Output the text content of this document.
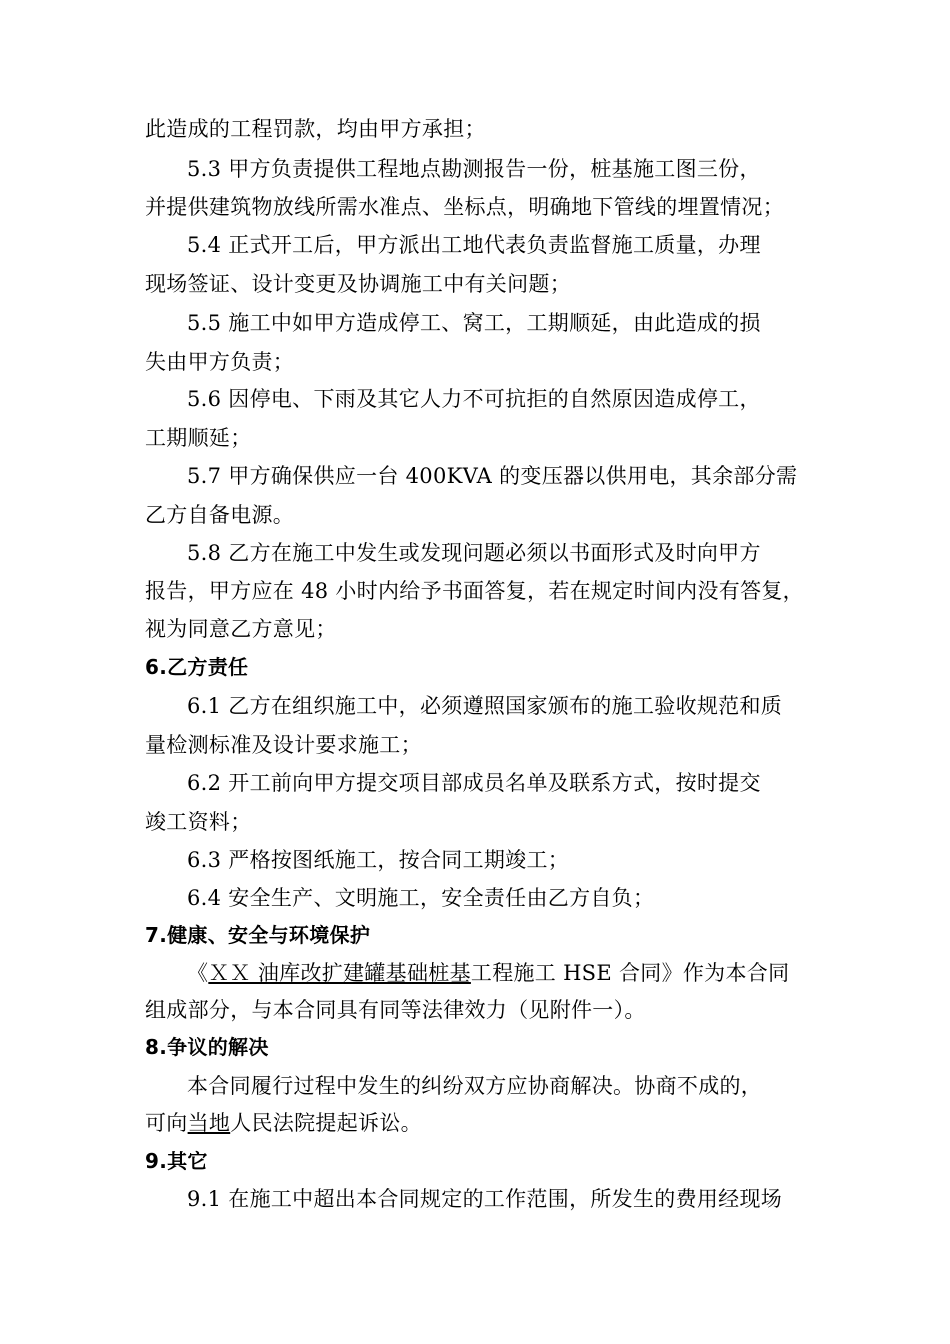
此造成的工程罚款，均由甲方承担；
5.3 甲方负责提供工程地点勘测报告一份，桩基施工图三份，
并提供建筑物放线所需水准点、坐标点，明确地下管线的埋置情况；
5.4 正式开工后，甲方派出工地代表负责监督施工质量，办理
现场签证、设计变更及协调施工中有关问题；
5.5 施工中如甲方造成停工、窝工，工期顺延，由此造成的损
失由甲方负责；
5.6 因停电、下雨及其它人力不可抗拒的自然原因造成停工，
工期顺延；
5.7 甲方确保供应一台 400KVA 的变压器以供用电，其余部分需
乙方自备电源。
5.8 乙方在施工中发生或发现问题必须以书面形式及时向甲方
报告，甲方应在 48 小时内给予书面答复，若在规定时间内没有答复，
视为同意乙方意见；
6.乙方责任
6.1 乙方在组织施工中，必须遵照国家颁布的施工验收规范和质
量检测标准及设计要求施工；
6.2 开工前向甲方提交项目部成员名单及联系方式，按时提交
竣工资料；
6.3 严格按图纸施工，按合同工期竣工；
6.4 安全生产、文明施工，安全责任由乙方自负；
7.健康、安全与环境保护
《ＸＸ 油库改扩建罐基础桩基工程施工 HSE 合同》作为本合同
组成部分，与本合同具有同等法律效力（见附件一）。
8.争议的解决
本合同履行过程中发生的纠纷双方应协商解决。协商不成的，
可向当地人民法院提起诉讼。
9.其它
9.1 在施工中超出本合同规定的工作范围，所发生的费用经现场
